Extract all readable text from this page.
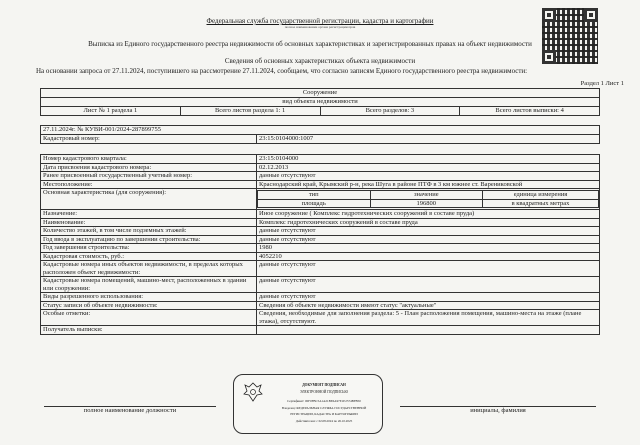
Федеральная служба государственной регистрации, кадастра и картографии
полное наименование органа регистрации прав
Выписка из Единого государственного реестра недвижимости об основных характеристиках и зарегистрированных правах на объект недвижимости
Сведения об основных характеристиках объекта недвижимости
На основании запроса от 27.11.2024, поступившего на рассмотрение 27.11.2024, сообщаем, что согласно записям Единого государственного реестра недвижимости:
Раздел 1 Лист 1
Сооружение
вид объекта недвижимости
Лист № 1 раздела 1	Всего листов раздела 1: 1	Всего разделов: 3	Всего листов выписки: 4
27.11.2024г. № КУВИ-001/2024-287899755
Кадастровый номер:	23:15:0104000:1007
Номер кадастрового квартала:	23:15:0104000
Дата присвоения кадастрового номера:	02.12.2013
Ранее присвоенный государственный учетный номер:	данные отсутствуют
Местоположение:	Краснодарский край, Крымский р-н, река Шуга в районе ПТФ в 3 км южнее ст. Варениковской
Основная характеристика (для сооружения):		тип	значение	единица измерения
площадь	196800	в квадратных метрах

Назначение:	Иное сооружение ( Комплекс гидротехнических сооружений в составе пруда)
Наименование:	Комплекс гидротехнических сооружений в составе пруда
Количество этажей, в том числе подземных этажей:	данные отсутствуют
Год ввода в эксплуатацию по завершении строительства:	данные отсутствуют
Год завершения строительства:	1980
Кадастровая стоимость, руб.:	4052210
Кадастровые номера иных объектов недвижимости, в пределах которых расположен объект недвижимости:	данные отсутствуют
Кадастровые номера помещений, машино-мест, расположенных в здании или сооружении:	данные отсутствуют
Виды разрешенного использования:	данные отсутствуют
Статус записи об объекте недвижимости:	Сведения об объекте недвижимости имеют статус "актуальные"
Особые отметки:	Сведения, необходимые для заполнения раздела: 5 - План расположения помещения, машино-места на этаже (плане этажа), отсутствуют.
Получатель выписки:	
ДОКУМЕНТ ПОДПИСАН
ЭЛЕКТРОННОЙ ПОДПИСЬЮ
Сертификат: 00F0FBC5A1A21BE6A97E1E2574BFB50
Владелец: ФЕДЕРАЛЬНАЯ СЛУЖБА ГОСУДАРСТВЕННОЙ
РЕГИСТРАЦИИ, КАДАСТРА И КАРТОГРАФИИ
Действителен: с 02.08.2024 по 26.10.2025
полное наименование должности	инициалы, фамилия
